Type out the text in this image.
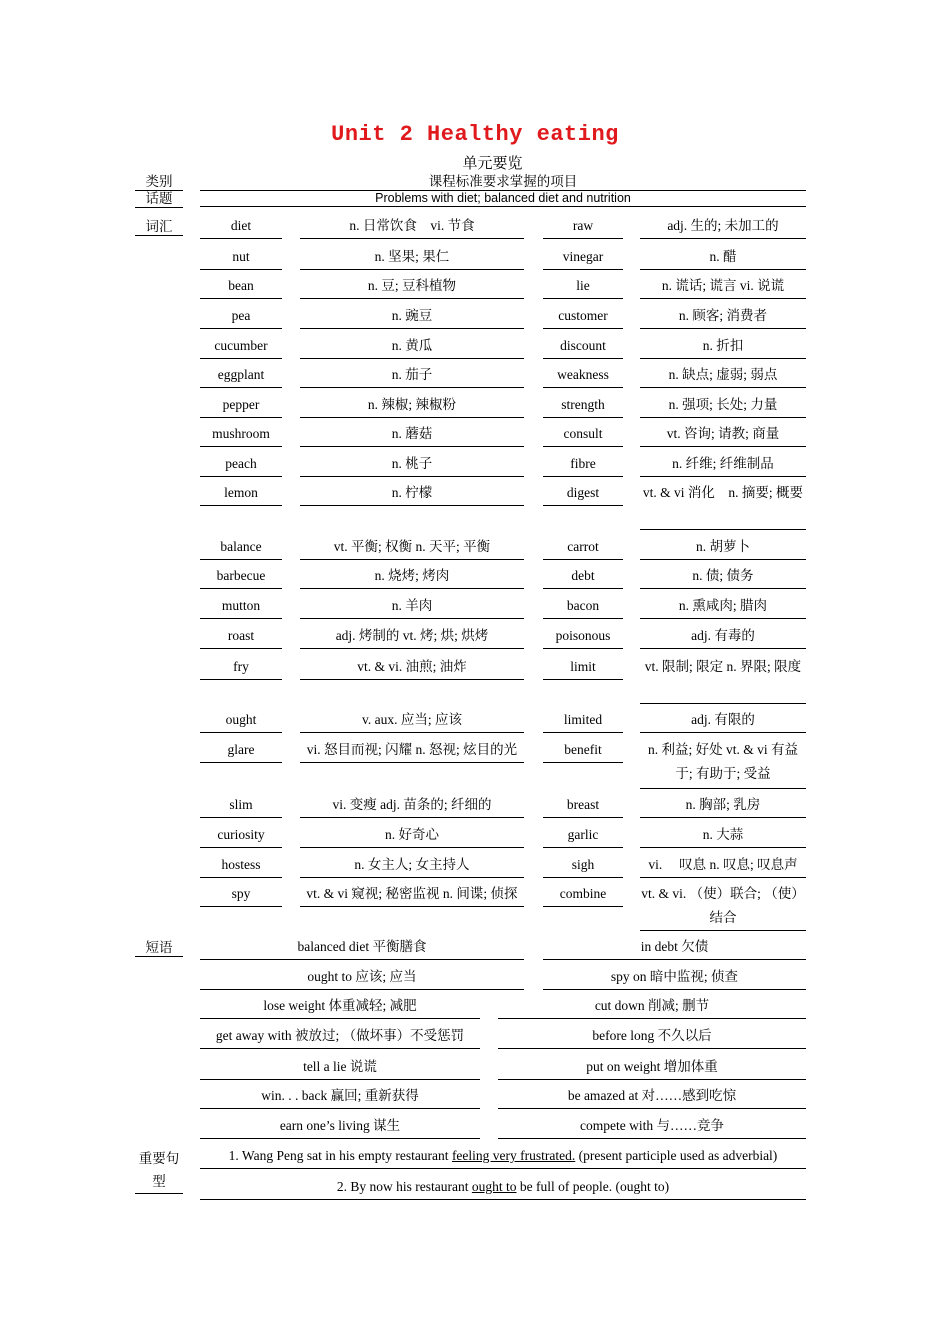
Unit 2 Healthy eating
单元要览
类别	课程标准要求掌握的项目
话题	Problems with diet; balanced diet and nutrition
词汇	diet	n. 日常饮食　vi. 节食	raw	adj. 生的; 未加工的
nut	n. 坚果; 果仁	vinegar	n. 醋
bean	n. 豆; 豆科植物	lie	n. 谎话; 谎言 vi. 说谎
pea	n. 豌豆	customer	n. 顾客; 消费者
cucumber	n. 黄瓜	discount	n. 折扣
eggplant	n. 茄子	weakness	n. 缺点; 虚弱; 弱点
pepper	n. 辣椒; 辣椒粉	strength	n. 强项; 长处; 力量
mushroom	n. 蘑菇	consult	vt. 咨询; 请教; 商量
peach	n. 桃子	fibre	n. 纤维; 纤维制品
lemon	n. 柠檬	digest	vt. & vi 消化　n. 摘要; 概要
balance	vt. 平衡; 权衡 n. 天平; 平衡	carrot	n. 胡萝卜
barbecue	n. 烧烤; 烤肉	debt	n. 债; 债务
mutton	n. 羊肉	bacon	n. 熏咸肉; 腊肉
roast	adj. 烤制的 vt. 烤; 烘; 烘烤	poisonous	adj. 有毒的
fry	vt. & vi. 油煎; 油炸	limit	vt. 限制; 限定 n. 界限; 限度
ought	v. aux. 应当; 应该	limited	adj. 有限的
glare	vi. 怒目而视; 闪耀 n. 怒视; 炫目的光	benefit	n. 利益; 好处 vt. & vi 有益于; 有助于; 受益
slim	vi. 变瘦 adj. 苗条的; 纤细的	breast	n. 胸部; 乳房
curiosity	n. 好奇心	garlic	n. 大蒜
hostess	n. 女主人; 女主持人	sigh	vi.　 叹息 n. 叹息; 叹息声
spy	vt. & vi 窥视; 秘密监视 n. 间谍; 侦探	combine	vt. & vi. （使）联合; （使）结合
短语	balanced diet 平衡膳食	in debt 欠债
ought to 应该; 应当	spy on 暗中监视; 侦查
lose weight 体重减轻; 减肥	cut down 削减; 删节
get away with 被放过; （做坏事）不受惩罚	before long 不久以后
tell a lie 说谎	put on weight 增加体重
win. . . back 赢回; 重新获得	be amazed at 对……感到吃惊
earn one’s living 谋生	compete with 与……竞争
重要句型
1. Wang Peng sat in his empty restaurant feeling very frustrated. (present participle used as adverbial)
2. By now his restaurant ought to be full of people. (ought to)
